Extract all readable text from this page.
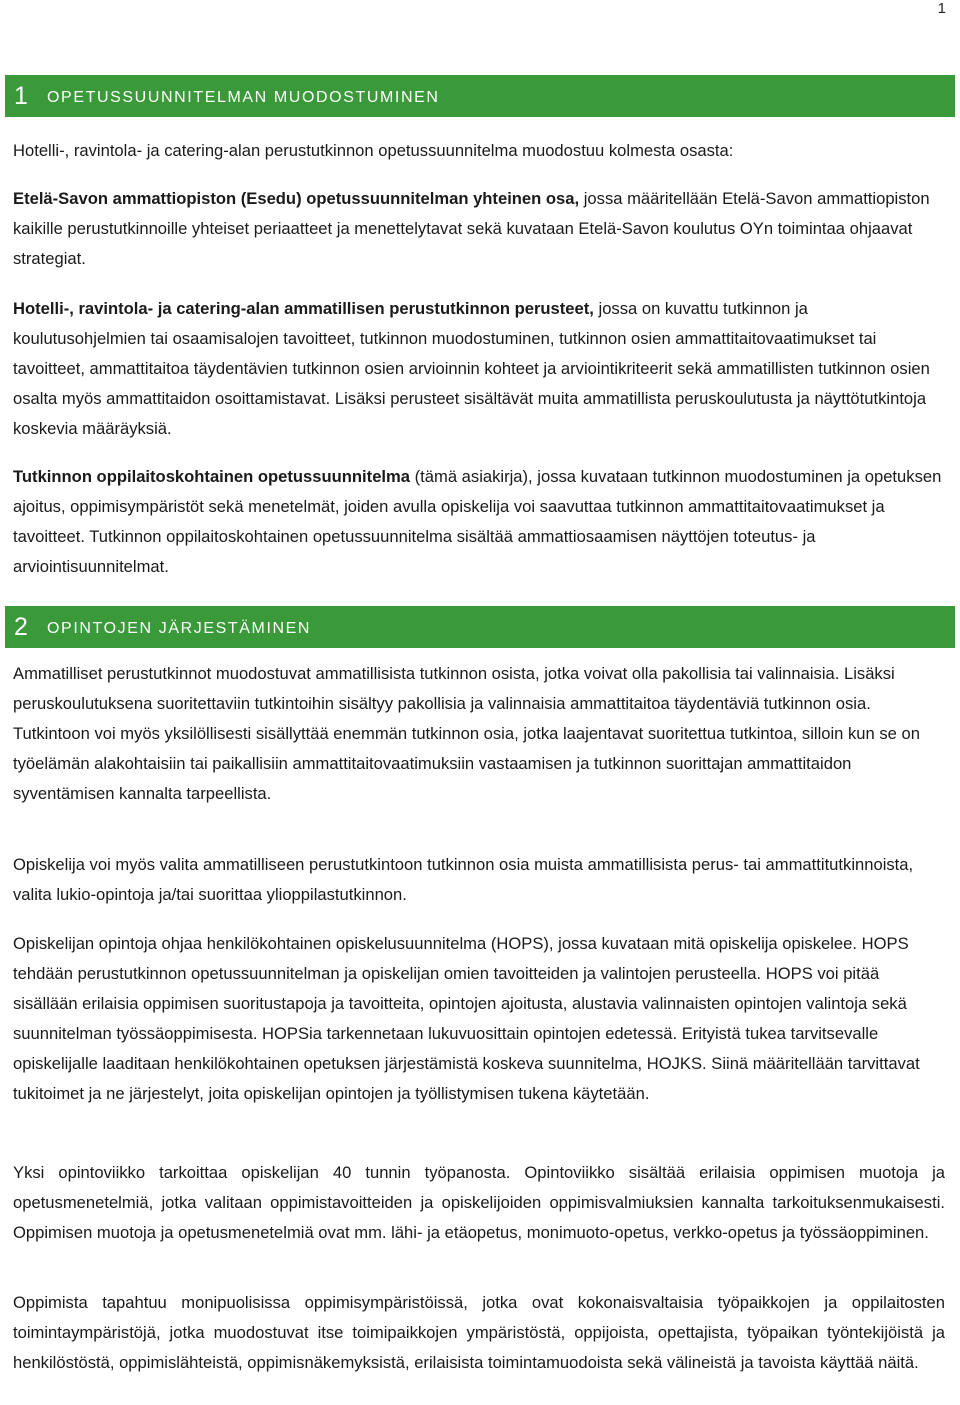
1
1	OPETUSSUUNNITELMAN MUODOSTUMINEN

Hotelli-, ravintola- ja catering-alan perustutkinnon opetussuunnitelma muodostuu kolmesta osasta:

Etelä-Savon ammattiopiston (Esedu) opetussuunnitelman yhteinen osa, jossa määritellään Etelä-Savon ammattiopiston kaikille perustutkinnoille yhteiset periaatteet ja menettelytavat sekä kuvataan Etelä-Savon koulutus OYn toimintaa ohjaavat strategiat.

Hotelli-, ravintola- ja catering-alan ammatillisen perustutkinnon perusteet, jossa on kuvattu tutkinnon ja koulutusohjelmien tai osaamisalojen tavoitteet, tutkinnon muodostuminen, tutkinnon osien ammattitaitovaatimukset tai tavoitteet, ammattitaitoa täydentävien tutkinnon osien arvioinnin kohteet ja arviointikriteerit sekä ammatillisten tutkinnon osien osalta myös ammattitaidon osoittamistavat. Lisäksi perusteet sisältävät muita ammatillista peruskoulutusta ja näyttötutkintoja koskevia määräyksiä.

Tutkinnon oppilaitoskohtainen opetussuunnitelma (tämä asiakirja), jossa kuvataan tutkinnon muodostuminen ja opetuksen ajoitus, oppimisympäristöt sekä menetelmät, joiden avulla opiskelija voi saavuttaa tutkinnon ammattitaitovaatimukset ja tavoitteet. Tutkinnon oppilaitoskohtainen opetussuunnitelma sisältää ammattiosaamisen näyttöjen toteutus- ja arviointisuunnitelmat.

2	OPINTOJEN JÄRJESTÄMINEN

Ammatilliset perustutkinnot muodostuvat ammatillisista tutkinnon osista, jotka voivat olla pakollisia tai valinnaisia. Lisäksi peruskoulutuksena suoritettaviin tutkintoihin sisältyy pakollisia ja valinnaisia ammattitaitoa täydentäviä tutkinnon osia. Tutkintoon voi myös yksilöllisesti sisällyttää enemmän tutkinnon osia, jotka laajentavat suoritettua tutkintoa, silloin kun se on työelämän alakohtaisiin tai paikallisiin ammattitaitovaatimuksiin vastaamisen ja tutkinnon suorittajan ammattitaidon syventämisen kannalta tarpeellista.

Opiskelija voi myös valita ammatilliseen perustutkintoon tutkinnon osia muista ammatillisista perus- tai ammattitutkinnoista, valita lukio-opintoja ja/tai suorittaa ylioppilastutkinnon.

Opiskelijan opintoja ohjaa henkilökohtainen opiskelusuunnitelma (HOPS), jossa kuvataan mitä opiskelija opiskelee. HOPS tehdään perustutkinnon opetussuunnitelman ja opiskelijan omien tavoitteiden ja valintojen perusteella. HOPS voi pitää sisällään erilaisia oppimisen suoritustapoja ja tavoitteita, opintojen ajoitusta, alustavia valinnaisten opintojen valintoja sekä suunnitelman työssäoppimisesta. HOPSia tarkennetaan lukuvuosittain opintojen edetessä. Erityistä tukea tarvitsevalle opiskelijalle laaditaan henkilökohtainen opetuksen järjestämistä koskeva suunnitelma, HOJKS. Siinä määritellään tarvittavat tukitoimet ja ne järjestelyt, joita opiskelijan opintojen ja työllistymisen tukena käytetään.

Yksi opintoviikko tarkoittaa opiskelijan 40 tunnin työpanosta. Opintoviikko sisältää erilaisia oppimisen muotoja ja opetusmenetelmiä, jotka valitaan oppimistavoitteiden ja opiskelijoiden oppimisvalmiuksien kannalta tarkoituksenmukaisesti. Oppimisen muotoja ja opetusmenetelmiä ovat mm. lähi- ja etäopetus, monimuoto-opetus, verkko-opetus ja työssäoppiminen.

Oppimista tapahtuu monipuolisissa oppimisympäristöissä, jotka ovat kokonaisvaltaisia työpaikkojen ja oppilaitosten toimintaympäristöjä, jotka muodostuvat itse toimipaikkojen ympäristöstä, oppijoista, opettajista, työpaikan työntekijöistä ja henkilöstöstä, oppimislähteistä, oppimisnäkemyksistä, erilaisista toimintamuodoista sekä välineistä ja tavoista käyttää näitä.
